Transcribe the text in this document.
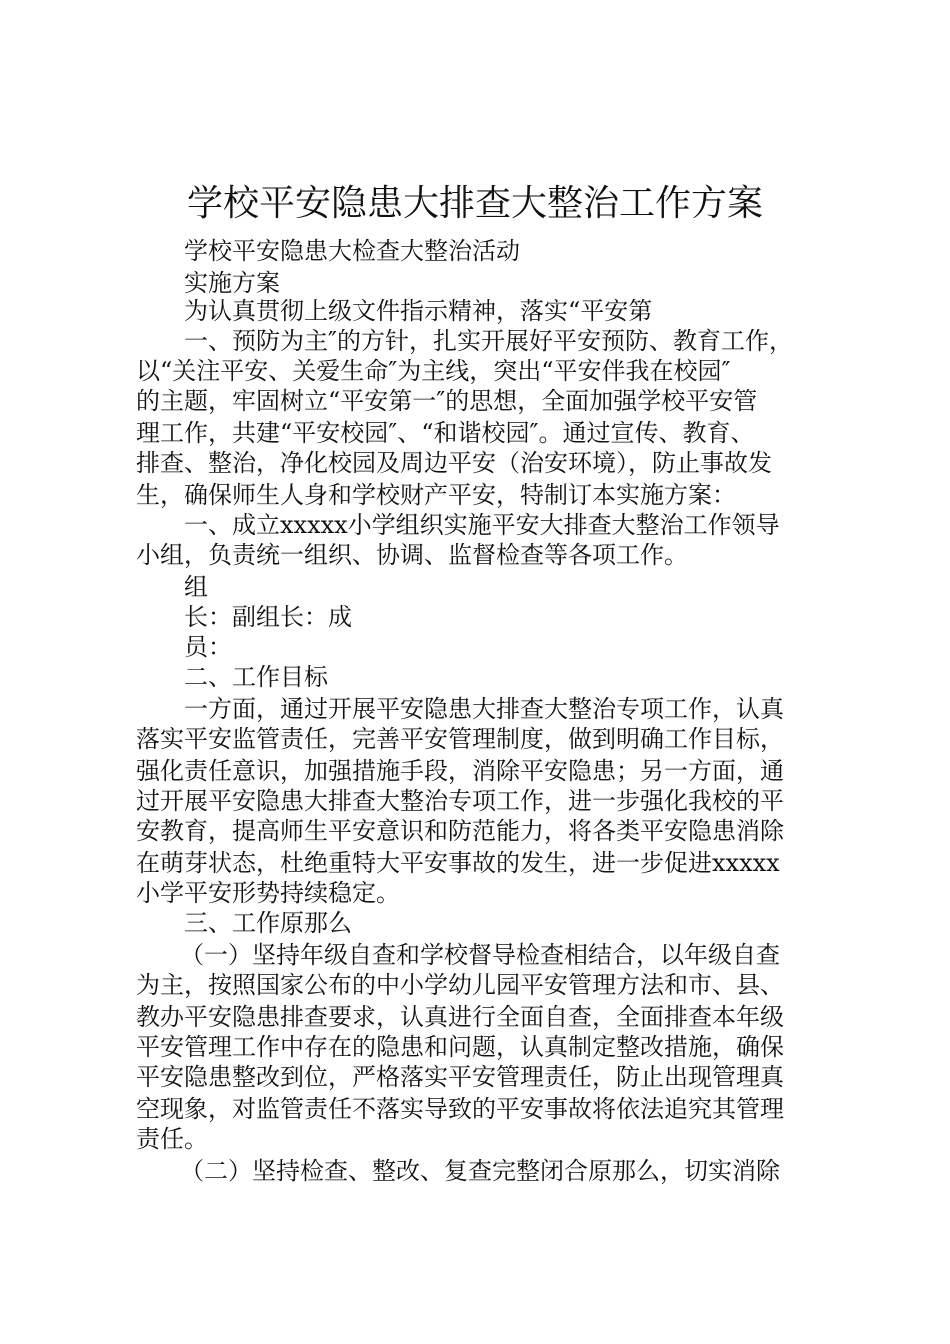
学校平安隐患大排查大整治工作方案
学校平安隐患大检查大整治活动
实施方案
为认真贯彻上级文件指示精神，落实“平安第
一、预防为主″的方针，扎实开展好平安预防、教育工作，
以“关注平安、关爱生命″为主线，突出“平安伴我在校园″
的主题，牢固树立“平安第一″的思想，全面加强学校平安管
理工作，共建“平安校园″、“和谐校园″。通过宣传、教育、
排查、整治，净化校园及周边平安（治安环境），防止事故发
生，确保师生人身和学校财产平安，特制订本实施方案：
一、成立xxxxx小学组织实施平安大排查大整治工作领导
小组，负责统一组织、协调、监督检查等各项工作。
组
长：副组长：成
员：
二、工作目标
一方面，通过开展平安隐患大排查大整治专项工作，认真
落实平安监管责任，完善平安管理制度，做到明确工作目标，
强化责任意识，加强措施手段，消除平安隐患；另一方面，通
过开展平安隐患大排查大整治专项工作，进一步强化我校的平
安教育，提高师生平安意识和防范能力，将各类平安隐患消除
在萌芽状态，杜绝重特大平安事故的发生，进一步促进xxxxx
小学平安形势持续稳定。
三、工作原那么
（一）坚持年级自查和学校督导检查相结合，以年级自查
为主，按照国家公布的中小学幼儿园平安管理方法和市、县、
教办平安隐患排查要求，认真进行全面自查，全面排查本年级
平安管理工作中存在的隐患和问题，认真制定整改措施，确保
平安隐患整改到位，严格落实平安管理责任，防止出现管理真
空现象，对监管责任不落实导致的平安事故将依法追究其管理
责任。
（二）坚持检查、整改、复查完整闭合原那么，切实消除
